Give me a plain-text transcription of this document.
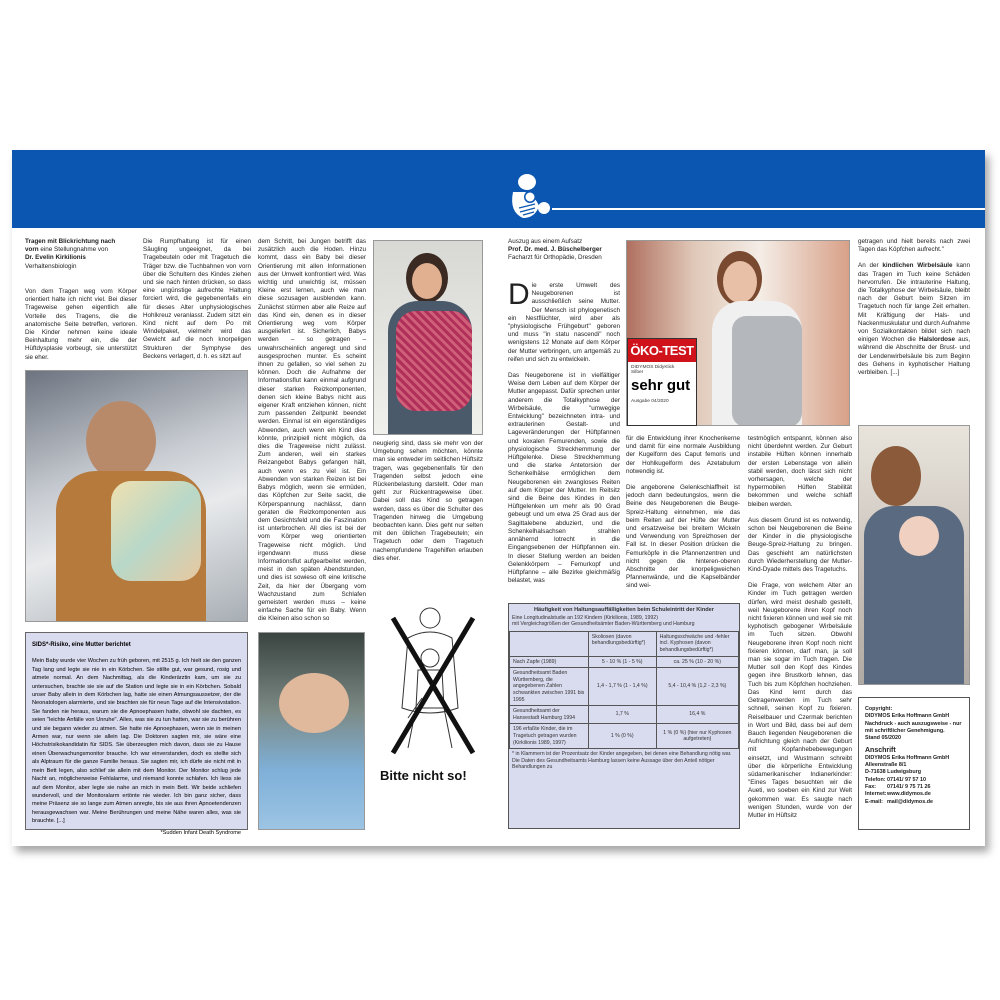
Tragen mit Blickrichtung nach
vorn eine Stellungnahme von
Dr. Evelin Kirkilionis
Verhaltensbiologin

Von dem Tragen weg vom Körper orientiert halte ich nicht viel. Bei dieser Trageweise gehen eigentlich alle Vorteile des Tragens, die die anatomische Seite betreffen, verloren. Die Kinder nehmen keine ideale Beinhaltung mehr ein, die der Hüftdysplasie vorbeugt, sie unterstützt sie eher.

SIDS*-Risiko, eine Mutter berichtet
Mein Baby wurde vier Wochen zu früh geboren, mit 2515 g. Ich hielt sie den ganzen Tag lang und legte sie nie in ein Körbchen. Sie stillte gut, war gesund, rosig und atmete normal. An dem Nachmittag, als die Kinderärztin kam, um sie zu untersuchen, brachte sie sie auf die Station und legte sie in ein Körbchen. Sobald unser Baby allein in dem Körbchen lag, hatte sie einen Atmungsaussetzer, der die Neonatologen alarmierte, und sie brachten sie für neun Tage auf die Intensivstation. Sie fanden nie heraus, warum sie die Apnoephasen hatte, obwohl sie dachten, es seien "leichte Anfälle von Unruhe". Alles, was sie zu tun hatten, war sie zu berühren und sie begann wieder zu atmen. Sie hatte nie Apnoephasen, wenn sie in meinen Armen war, nur wenn sie allein lag. Die Doktoren sagten mir, sie wäre eine Höchstrisikokandidatin für SIDS. Sie überzeugten mich davon, dass sie zu Hause einen Überwachungsmonitor brauche. Ich war einverstanden, doch es stellte sich als Alptraum für die ganze Familie heraus. Sie sagten mir, ich dürfe sie nicht mit in mein Bett legen, also schlief sie allein mit dem Monitor. Der Monitor schlug jede Nacht an, möglicherweise Fehlalarme, und niemand konnte schlafen. Ich liess sie auf dem Monitor, aber legte sie nahe an mich in mein Bett. Wir beide schliefen wundervoll, und der Monitoralarm ertönte nie wieder. Ich bin ganz sicher, dass meine Präsenz sie so lange zum Atmen anregte, bis sie aus ihren Apnoetendenzen herausgewachsen war. Meine Berührungen und meine Nähe waren alles, was sie brauchte. [...]
*Sudden Infant Death Syndrome

Die Rumpfhaltung ist für einen Säugling ungeeignet, da bei Tragebeuteln oder mit Tragetuch die Träger bzw. die Tuchbahnen von vorn über die Schultern des Kindes ziehen und sie nach hinten drücken, so dass eine ungünstige aufrechte Haltung forciert wird, die gegebenenfalls ein für dieses Alter unphysiologisches Hohlkreuz veranlasst. Zudem sitzt ein Kind nicht auf dem Po mit Windelpaket, vielmehr wird das Gewicht auf die noch knorpeligen Strukturen der Symphyse des Beckens verlagert, d. h. es sitzt auf

dem Schritt, bei Jungen betrifft das zusätzlich auch die Hoden. Hinzu kommt, dass ein Baby bei dieser Orientierung mit allen Informationen aus der Umwelt konfrontiert wird. Was wichtig und unwichtig ist, müssen Kleine erst lernen, auch wie man diese sozusagen ausblenden kann. Zunächst stürmen aber alle Reize auf das Kind ein, denen es in dieser Orientierung weg vom Körper ausgeliefert ist. Sicherlich, Babys werden – so getragen – unwahrscheinlich angeregt und sind ausgesprochen munter. Es scheint ihnen zu gefallen, so viel sehen zu können. Doch die Aufnahme der Informationsflut kann einmal aufgrund dieser starken Reizkomponenten, denen sich kleine Babys nicht aus eigener Kraft entziehen können, nicht zum passenden Zeitpunkt beendet werden. Einmal ist ein eigenständiges Abwenden, auch wenn ein Kind dies könnte, prinzipiell nicht möglich, da dies die Trageweise nicht zulässt. Zum anderen, weil ein starkes Reizangebot Babys gefangen hält, auch wenn es zu viel ist. Ein Abwenden von starken Reizen ist bei Babys möglich, wenn sie ermüden, das Köpfchen zur Seite sackt, die Körperspannung nachlässt, dann geraten die Reizkomponenten aus dem Gesichtsfeld und die Faszination ist unterbrochen. All dies ist bei der vom Körper weg orientierten Trageweise nicht möglich. Und irgendwann muss diese Informationsflut aufgearbeitet werden, meist in den späten Abendstunden, und dies ist sowieso oft eine kritische Zeit, da hier der Übergang vom Wachzustand zum Schlafen gemeistert werden muss – keine einfache Sache für ein Baby. Wenn die Kleinen also schon so

neugierig sind, dass sie mehr von der Umgebung sehen möchten, könnte man sie entweder im seitlichen Hüftsitz tragen, was gegebenenfalls für den Tragenden selbst jedoch eine Rückenbelastung darstellt. Oder man geht zur Rückentrageweise über. Dabei soll das Kind so getragen werden, dass es über die Schulter des Tragenden hinweg die Umgebung beobachten kann. Dies geht nur selten mit den üblichen Tragebeuteln; ein Tragetuch oder dem Tragetuch nachempfundene Tragehilfen erlauben dies eher.

Bitte nicht so!
Auszug aus einem Aufsatz
Prof. Dr. med. J. Büschelberger
Facharzt für Orthopädie, Dresden

Die erste Umwelt des Neugeborenen ist ausschließlich seine Mutter. Der Mensch ist phylogenetisch ein Nestflüchter, wird aber als "physiologische Frühgeburt" geboren und muss "in statu nascendi" noch wenigstens 12 Monate auf dem Körper der Mutter verbringen, um artgemäß zu reifen und sich zu entwickeln.

Das Neugeborene ist in vielfältiger Weise dem Leben auf dem Körper der Mutter angepasst. Dafür sprechen unter anderem die Totalkyphose der Wirbelsäule, die "umwegige Entwicklung" bezeichneten intra- und extrauterinen Gestalt- und Lageveränderungen der Hüftpfannen und koxalen Femurenden, sowie die physiologische Streckhemmung der Hüftgelenke. Diese Streckhemmung und die starke Antetorsion der Schenkelhälse ermöglichen dem Neugeborenen ein zwangloses Reiten auf dem Körper der Mutter. Im Reitsitz sind die Beine des Kindes in den Hüftgelenken um mehr als 90 Grad gebeugt und um etwa 25 Grad aus der Sagittalebene abduziert, und die Schenkelhalsachsen strahlen annähernd lotrecht in die Eingangsebenen der Hüftpfannen ein. In dieser Stellung werden an beiden Gelenkkörpern – Femurkopf und Hüftpfanne – alle Bezirke gleichmäßig belastet, was

ÖKO-TEST
DIDYMOS DidyKlick
Silber
sehr gut
Ausgabe 04/2020

für die Entwicklung ihrer Knochenkerne und damit für eine normale Ausbildung der Kugelform des Caput femoris und der Hohlkugelform des Azetabulum notwendig ist.

Die angeborene Gelenkschlaffheit ist jedoch dann bedeutungslos, wenn die Beine des Neugeborenen die Beuge-Spreiz-Haltung einnehmen, wie das beim Reiten auf der Hüfte der Mutter und ersatzweise bei breitem Wickeln und Verwendung von Spreizhosen der Fall ist. In dieser Position drücken die Femurköpfe in die Pfannenzentren und nicht gegen die hinteren-oberen Abschnitte der knorpeligweichen Pfannenwände, und die Kapselbänder sind wei-

Häufigkeit von Haltungsauffälligkeiten beim Schuleintritt der Kinder
Eine Longitudinalstudie an 192 Kindern (Kirkilionis, 1989, 1992)
mit Vergleichsgrößen der Gesundheitsämter Baden-Württemberg und Hamburg
	Skoliosen (davon behandlungsbedürftig*)	Haltungsschwäche und -fehler incl. Kyphosen (davon behandlungsbedürftig*)
Nach Zapfe (1989)	5 - 10 % (1 - 5 %)	ca. 25 % (10 - 20 %)
Gesundheitsamt Baden Württemberg, die angegebenen Zahlen schwankten zwischen 1991 bis 1995	1,4 - 1,7 % (1 - 1,4 %)	5,4 - 10,4 % (1,2 - 2,3 %)
Gesundheitsamt der Hansestadt Hamburg 1994	1,7 %	16,4 %
196 erfaßte Kinder, die im Tragetuch getragen wurden (Kirkilionis 1989, 1997)	1 % (0 %)	1 % (0 %) (hier nur Kyphosen aufgetreten)
* in Klammern ist der Prozentsatz der Kinder angegeben, bei denen eine Behandlung nötig war. Die Daten des Gesundheitsamts Hamburg lassen keine Aussage über den Anteil nötiger Behandlungen zu

testmöglich entspannt, können also nicht überdehnt werden. Zur Geburt instabile Hüften können innerhalb der ersten Lebenstage von allein stabil werden, doch lässt sich nicht vorhersagen, welche der hypermobilen Hüften Stabilität bekommen und welche schlaff bleiben werden.

Aus diesem Grund ist es notwendig, schon bei Neugeborenen die Beine der Kinder in die physiologische Beuge-Spreiz-Haltung zu bringen. Das geschieht am natürlichsten durch Wiederherstellung der Mutter-Kind-Dyade mittels des Tragetuchs.

Die Frage, von welchem Alter an Kinder im Tuch getragen werden dürfen, wird meist deshalb gestellt, weil Neugeborene ihren Kopf noch nicht fixieren können und weil sie mit kyphotisch gebogener Wirbelsäule im Tuch sitzen. Obwohl Neugeborene ihren Kopf noch nicht fixieren können, darf man, ja soll man sie sogar im Tuch tragen. Die Mutter soll den Kopf des Kindes gegen ihre Brustkorb lehnen, das Tuch bis zum Köpfchen hochziehen. Das Kind lernt durch das Getragenwerden im Tuch sehr schnell, seinen Kopf zu fixieren. Reiselbauer und Czermak berichten in Wort und Bild, dass bei auf dem Bauch liegenden Neugeborenen die Aufrichtung gleich nach der Geburt mit Kopfanhebebewegungen einsetzt, und Wustmann schreibt über die körperliche Entwicklung südamerikanischer Indianerkinder: "Eines Tages besuchten wir die Aueti, wo soeben ein Kind zur Welt gekommen war. Es saugte nach wenigen Stunden, wurde von der Mutter im Hüftsitz

getragen und hielt bereits nach zwei Tagen das Köpfchen aufrecht."

An der kindlichen Wirbelsäule kann das Tragen im Tuch keine Schäden hervorrufen. Die intrauterine Haltung, die Totalkyphose der Wirbelsäule, bleibt nach der Geburt beim Sitzen im Tragetuch noch für lange Zeit erhalten. Mit Kräftigung der Hals- und Nackenmuskulatur und durch Aufnahme von Sozialkontakten bildet sich nach einigen Wochen die Halslordose aus, während die Abschnitte der Brust- und der Lendenwirbelsäule bis zum Beginn des Gehens in kyphotischer Haltung verbleiben. [...]

Copyright:
DIDYMOS Erika Hoffmann GmbH
Nachdruck - auch auszugsweise - nur mit schriftlicher Genehmigung.
Stand 05/2020
Anschrift
DIDYMOS Erika Hoffmann GmbH
Alleenstraße 8/1
D-71638 Ludwigsburg
Telefon: 07141/ 97 57 10
Fax:	07141/ 9 75 71 26
Internet: www.didymos.de
E-mail: mail@didymos.de
